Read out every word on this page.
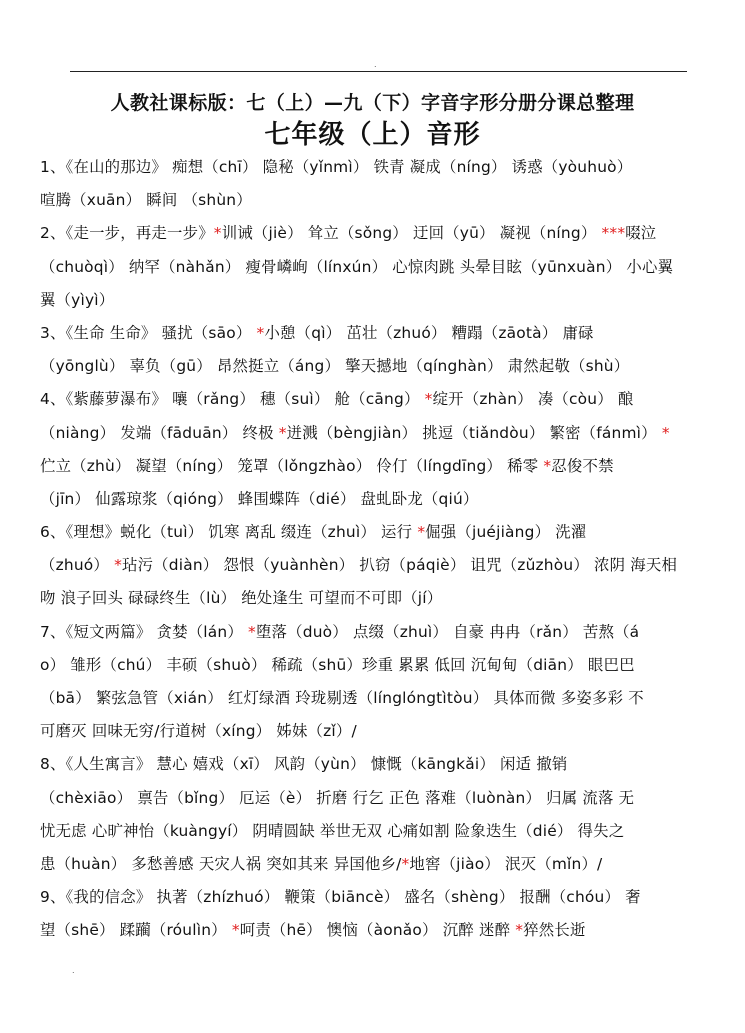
.
人教社课标版：七（上）—九（下）字音字形分册分课总整理
七年级（上）音形
1、《在山的那边》 痴想（chī） 隐秘（yǐnmì） 铁青 凝成（níng） 诱惑（yòuhuò）
喧腾（xuān） 瞬间 （shùn）
2、《走一步，再走一步》*训诫（jiè） 耸立（sǒng） 迂回（yū） 凝视（níng） ***啜泣
（chuòqì） 纳罕（nàhǎn） 瘦骨嶙峋（línxún） 心惊肉跳 头晕目眩（yūnxuàn） 小心翼
翼（yìyì）
3、《生命 生命》 骚扰（sāo） *小憩（qì） 茁壮（zhuó） 糟蹋（zāotà） 庸碌
（yōnglù） 辜负（gū） 昂然挺立（áng） 擎天撼地（qínghàn） 肃然起敬（shù）
4、《紫藤萝瀑布》 嚷（rǎng） 穗（suì） 舱（cāng） *绽开（zhàn） 凑（còu） 酿
（niàng） 发端（fāduān） 终极 *迸溅（bèngjiàn） 挑逗（tiǎndòu） 繁密（fánmì） *
伫立（zhù） 凝望（níng） 笼罩（lǒngzhào） 伶仃（língdīng） 稀零 *忍俊不禁
（jīn） 仙露琼浆（qióng） 蜂围蝶阵（dié） 盘虬卧龙（qiú）
6、《理想》蜕化（tuì） 饥寒 离乱 缀连（zhuì） 运行 *倔强（juéjiàng） 洗濯
（zhuó） *玷污（diàn） 怨恨（yuànhèn） 扒窃（páqiè） 诅咒（zǔzhòu） 浓阴 海天相
吻 浪子回头 碌碌终生（lù） 绝处逢生 可望而不可即（jí）
7、《短文两篇》 贪婪（lán） *堕落（duò） 点缀（zhuì） 自豪 冉冉（rǎn） 苦熬（á
o） 雏形（chú） 丰硕（shuò） 稀疏（shū）珍重 累累 低回 沉甸甸（diān） 眼巴巴
（bā） 繁弦急管（xián） 红灯绿酒 玲珑剔透（línglóngtìtòu） 具体而微 多姿多彩 不
可磨灭 回味无穷/行道树（xíng） 姊妹（zǐ）/
8、《人生寓言》 慧心 嬉戏（xī） 风韵（yùn） 慷慨（kāngkǎi） 闲适 撤销
（chèxiāo） 禀告（bǐng） 厄运（è） 折磨 行乞 正色 落难（luònàn） 归属 流落 无
忧无虑 心旷神怡（kuàngyí） 阴晴圆缺 举世无双 心痛如割 险象迭生（dié） 得失之
患（huàn） 多愁善感 天灾人祸 突如其来 异国他乡/*地窖（jiào） 泯灭（mǐn）/
9、《我的信念》 执著（zhízhuó） 鞭策（biāncè） 盛名（shèng） 报酬（chóu） 奢
望（shē） 蹂躏（róulìn） *呵责（hē） 懊恼（àonǎo） 沉醉 迷醉 *猝然长逝
.
